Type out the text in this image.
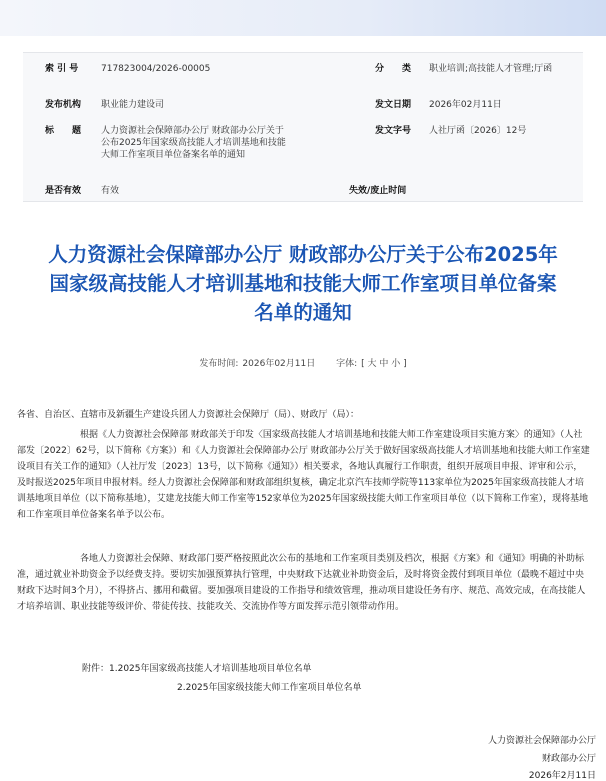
索 引 号	717823004/2026-00005	分　　类 职业培训;高技能人才管理;厅函
发布机构 职业能力建设司	发文日期 2026年02月11日
标　　题 人力资源社会保障部办公厅 财政部办公厅关于公布2025年国家级高技能人才培训基地和技能大师工作室项目单位备案名单的通知
发文字号 人社厅函〔2026〕12号
是否有效 有效	失效/废止时间
人力资源社会保障部办公厅 财政部办公厅关于公布2025年
国家级高技能人才培训基地和技能大师工作室项目单位备案
名单的通知
发布时间: 2026年02月11日 字体: [ 大 中 小 ]

各省、自治区、直辖市及新疆生产建设兵团人力资源社会保障厅（局）、财政厅（局）：

根据《人力资源社会保障部 财政部关于印发〈国家级高技能人才培训基地和技能大师工作室建设项目实施方案〉的通知》（人社部发〔2022〕62号，以下简称《方案》）和《人力资源社会保障部办公厅 财政部办公厅关于做好国家级高技能人才培训基地和技能大师工作室建设项目有关工作的通知》（人社厅发〔2023〕13号，以下简称《通知》）相关要求，各地认真履行工作职责，组织开展项目申报、评审和公示，及时报送2025年项目申报材料。经人力资源社会保障部和财政部组织复核，确定北京汽车技师学院等113家单位为2025年国家级高技能人才培训基地项目单位（以下简称基地），艾建龙技能大师工作室等152家单位为2025年国家级技能大师工作室项目单位（以下简称工作室），现将基地和工作室项目单位备案名单予以公布。

各地人力资源社会保障、财政部门要严格按照此次公布的基地和工作室项目类别及档次，根据《方案》和《通知》明确的补助标准，通过就业补助资金予以经费支持。要切实加强预算执行管理，中央财政下达就业补助资金后，及时将资金拨付到项目单位（最晚不超过中央财政下达时间3个月），不得挤占、挪用和截留。要加强项目建设的工作指导和绩效管理，推动项目建设任务有序、规范、高效完成，在高技能人才培养培训、职业技能等级评价、带徒传技、技能攻关、交流协作等方面发挥示范引领带动作用。

附件：1.2025年国家级高技能人才培训基地项目单位名单
2.2025年国家级技能大师工作室项目单位名单
人力资源社会保障部办公厅
财政部办公厅
2026年2月11日
